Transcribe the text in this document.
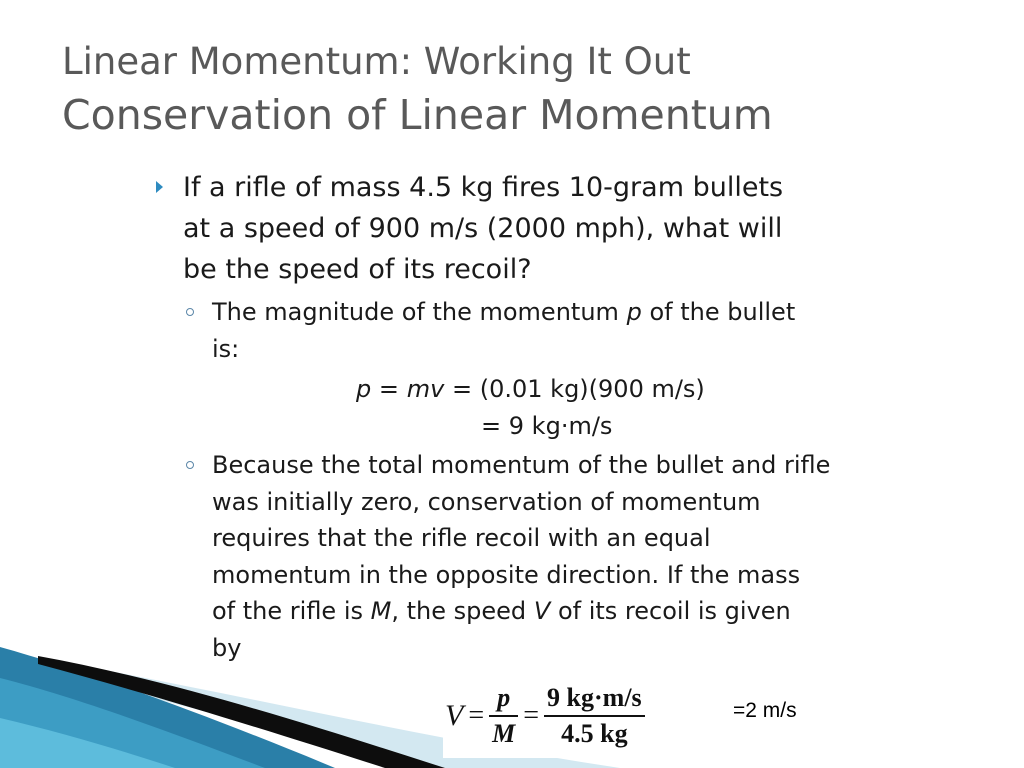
Linear Momentum: Working It Out
Conservation of Linear Momentum
If a rifle of mass 4.5 kg fires 10-gram bullets
at a speed of 900 m/s (2000 mph), what will
be the speed of its recoil?
The magnitude of the momentum p of the bullet
is:
p = mv = (0.01 kg)(900 m/s)
= 9 kg·m/s
Because the total momentum of the bullet and rifle
was initially zero, conservation of momentum
requires that the rifle recoil with an equal
momentum in the opposite direction. If the mass
of the rifle is M, the speed V of its recoil is given
by
$V = \frac{p}{M} = \frac{9 kg\cdot m/s}{4.5 kg}$	=2 m/s
